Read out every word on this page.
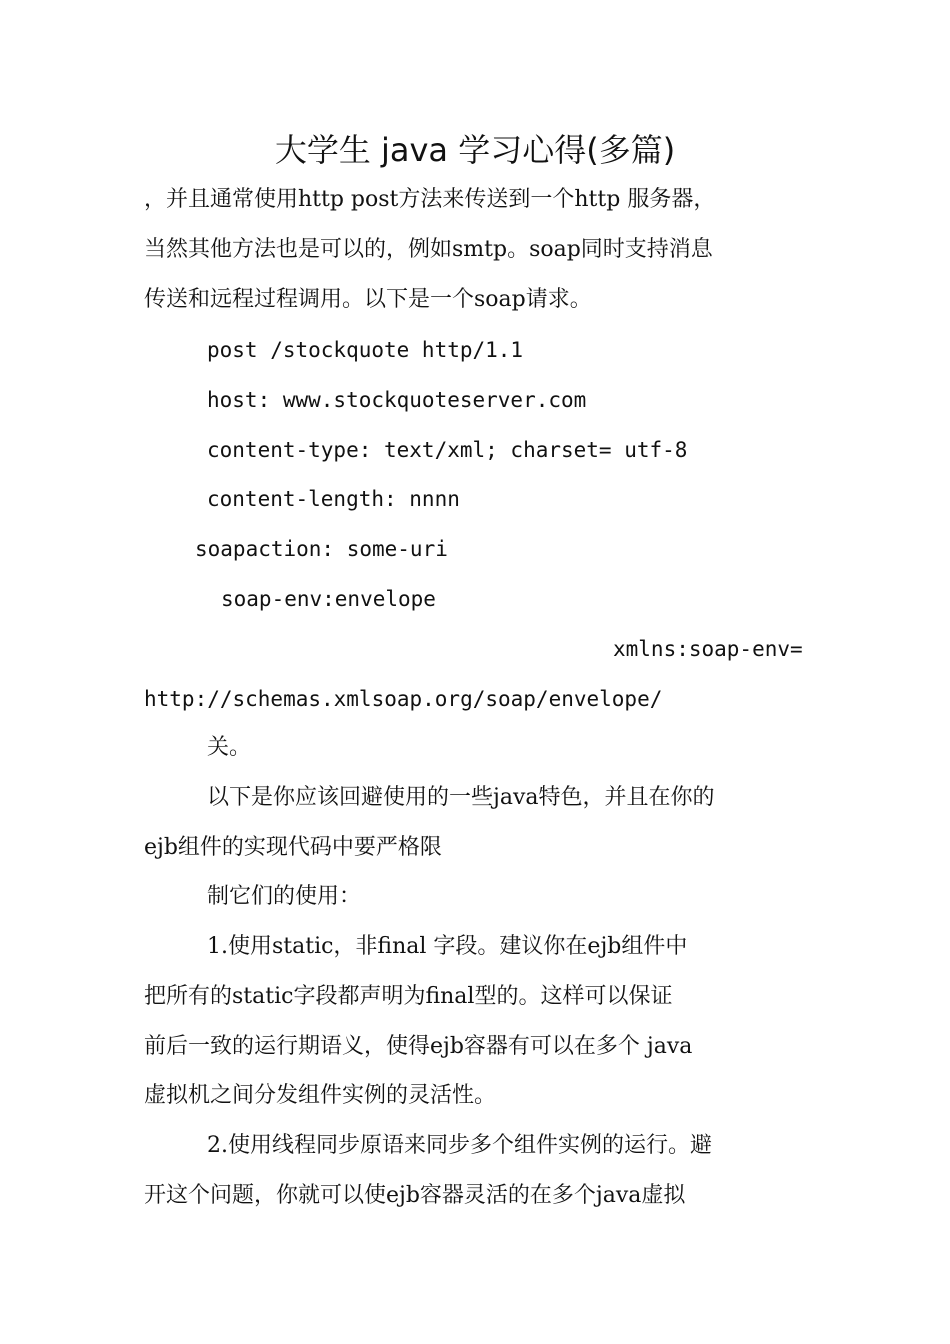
大学生 java 学习心得(多篇)
，并且通常使用http post方法来传送到一个http 服务器，
当然其他方法也是可以的，例如smtp。soap同时支持消息
传送和远程过程调用。以下是一个soap请求。
post /stockquote http/1.1
host: www.stockquoteserver.com
content-type: text/xml; charset= utf-8
content-length: nnnn
soapaction: some-uri
soap-env:envelope
xmlns:soap-env=
http://schemas.xmlsoap.org/soap/envelope/
关。
以下是你应该回避使用的一些java特色，并且在你的
ejb组件的实现代码中要严格限
制它们的使用：
1.使用static，非final 字段。建议你在ejb组件中
把所有的static字段都声明为final型的。这样可以保证
前后一致的运行期语义，使得ejb容器有可以在多个 java
虚拟机之间分发组件实例的灵活性。
2.使用线程同步原语来同步多个组件实例的运行。避
开这个问题，你就可以使ejb容器灵活的在多个java虚拟
